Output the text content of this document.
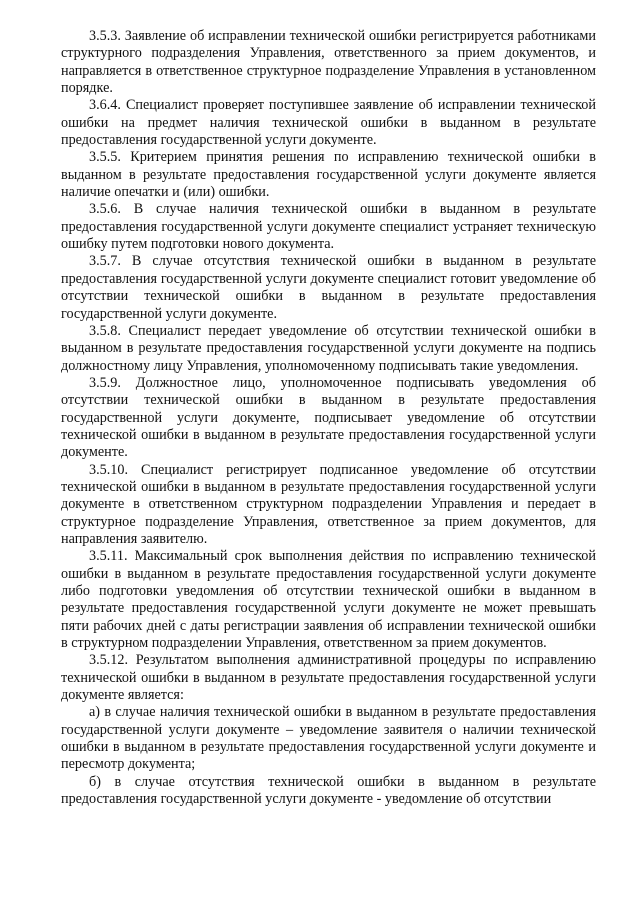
3.5.3. Заявление об исправлении технической ошибки регистрируется работниками структурного подразделения Управления, ответственного за прием документов, и направляется в ответственное структурное подразделение Управления в установленном порядке.

3.6.4. Специалист проверяет поступившее заявление об исправлении технической ошибки на предмет наличия технической ошибки в выданном в результате предоставления государственной услуги документе.

3.5.5. Критерием принятия решения по исправлению технической ошибки в выданном в результате предоставления государственной услуги документе является наличие опечатки и (или) ошибки.

3.5.6. В случае наличия технической ошибки в выданном в результате предоставления государственной услуги документе специалист устраняет техническую ошибку путем подготовки нового документа.

3.5.7. В случае отсутствия технической ошибки в выданном в результате предоставления государственной услуги документе специалист готовит уведомление об отсутствии технической ошибки в выданном в результате предоставления государственной услуги документе.

3.5.8. Специалист передает уведомление об отсутствии технической ошибки в выданном в результате предоставления государственной услуги документе на подпись должностному лицу Управления, уполномоченному подписывать такие уведомления.

3.5.9. Должностное лицо, уполномоченное подписывать уведомления об отсутствии технической ошибки в выданном в результате предоставления государственной услуги документе, подписывает уведомление об отсутствии технической ошибки в выданном в результате предоставления государственной услуги документе.

3.5.10. Специалист регистрирует подписанное уведомление об отсутствии технической ошибки в выданном в результате предоставления государственной услуги документе в ответственном структурном подразделении Управления и передает в структурное подразделение Управления, ответственное за прием документов, для направления заявителю.

3.5.11. Максимальный срок выполнения действия по исправлению технической ошибки в выданном в результате предоставления государственной услуги документе либо подготовки уведомления об отсутствии технической ошибки в выданном в результате предоставления государственной услуги документе не может превышать пяти рабочих дней с даты регистрации заявления об исправлении технической ошибки в структурном подразделении Управления, ответственном за прием документов.

3.5.12. Результатом выполнения административной процедуры по исправлению технической ошибки в выданном в результате предоставления государственной услуги документе является:

а) в случае наличия технической ошибки в выданном в результате предоставления государственной услуги документе – уведомление заявителя о наличии технической ошибки в выданном в результате предоставления государственной услуги документе и пересмотр документа;

б) в случае отсутствия технической ошибки в выданном в результате предоставления государственной услуги документе - уведомление об отсутствии
